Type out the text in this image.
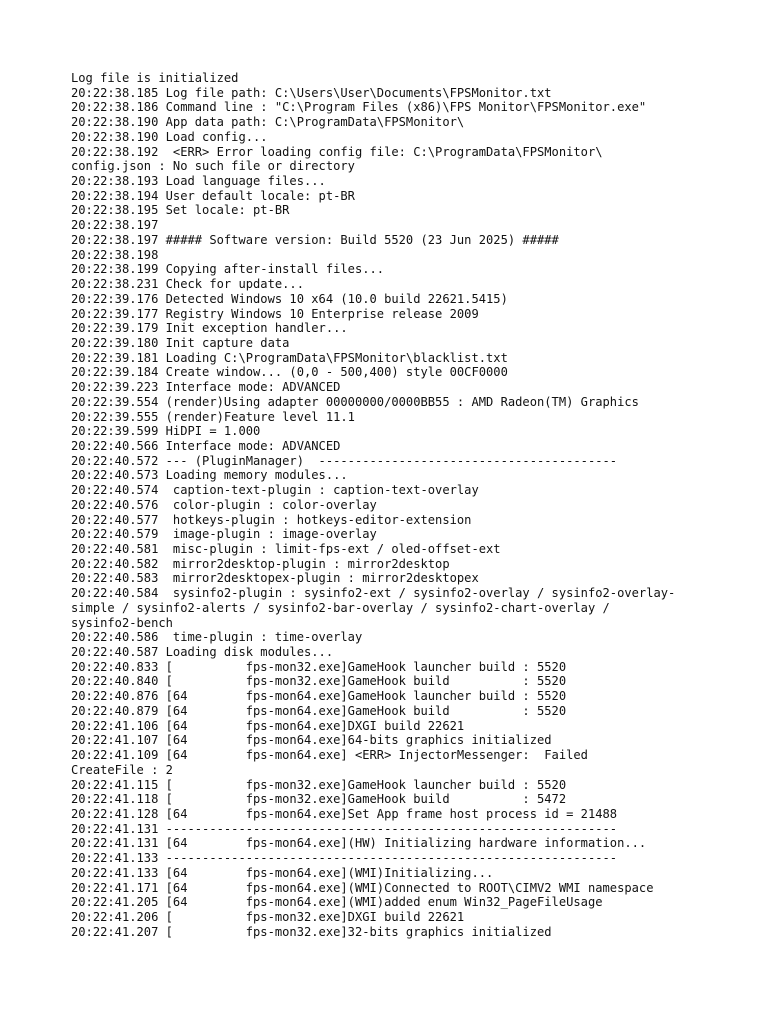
Log file is initialized
20:22:38.185 Log file path: C:\Users\User\Documents\FPSMonitor.txt
20:22:38.186 Command line : "C:\Program Files (x86)\FPS Monitor\FPSMonitor.exe"
20:22:38.190 App data path: C:\ProgramData\FPSMonitor\
20:22:38.190 Load config...
20:22:38.192  <ERR> Error loading config file: C:\ProgramData\FPSMonitor\
config.json : No such file or directory
20:22:38.193 Load language files...
20:22:38.194 User default locale: pt-BR
20:22:38.195 Set locale: pt-BR
20:22:38.197
20:22:38.197 ##### Software version: Build 5520 (23 Jun 2025) #####
20:22:38.198
20:22:38.199 Copying after-install files...
20:22:38.231 Check for update...
20:22:39.176 Detected Windows 10 x64 (10.0 build 22621.5415)
20:22:39.177 Registry Windows 10 Enterprise release 2009
20:22:39.179 Init exception handler...
20:22:39.180 Init capture data
20:22:39.181 Loading C:\ProgramData\FPSMonitor\blacklist.txt
20:22:39.184 Create window... (0,0 - 500,400) style 00CF0000
20:22:39.223 Interface mode: ADVANCED
20:22:39.554 (render)Using adapter 00000000/0000BB55 : AMD Radeon(TM) Graphics
20:22:39.555 (render)Feature level 11.1
20:22:39.599 HiDPI = 1.000
20:22:40.566 Interface mode: ADVANCED
20:22:40.572 --- (PluginManager)  -----------------------------------------
20:22:40.573 Loading memory modules...
20:22:40.574  caption-text-plugin : caption-text-overlay
20:22:40.576  color-plugin : color-overlay
20:22:40.577  hotkeys-plugin : hotkeys-editor-extension
20:22:40.579  image-plugin : image-overlay
20:22:40.581  misc-plugin : limit-fps-ext / oled-offset-ext
20:22:40.582  mirror2desktop-plugin : mirror2desktop
20:22:40.583  mirror2desktopex-plugin : mirror2desktopex
20:22:40.584  sysinfo2-plugin : sysinfo2-ext / sysinfo2-overlay / sysinfo2-overlay-
simple / sysinfo2-alerts / sysinfo2-bar-overlay / sysinfo2-chart-overlay /
sysinfo2-bench
20:22:40.586  time-plugin : time-overlay
20:22:40.587 Loading disk modules...
20:22:40.833 [          fps-mon32.exe]GameHook launcher build : 5520
20:22:40.840 [          fps-mon32.exe]GameHook build          : 5520
20:22:40.876 [64        fps-mon64.exe]GameHook launcher build : 5520
20:22:40.879 [64        fps-mon64.exe]GameHook build          : 5520
20:22:41.106 [64        fps-mon64.exe]DXGI build 22621
20:22:41.107 [64        fps-mon64.exe]64-bits graphics initialized
20:22:41.109 [64        fps-mon64.exe] <ERR> InjectorMessenger:  Failed
CreateFile : 2
20:22:41.115 [          fps-mon32.exe]GameHook launcher build : 5520
20:22:41.118 [          fps-mon32.exe]GameHook build          : 5472
20:22:41.128 [64        fps-mon64.exe]Set App frame host process id = 21488
20:22:41.131 --------------------------------------------------------------
20:22:41.131 [64        fps-mon64.exe](HW) Initializing hardware information...
20:22:41.133 --------------------------------------------------------------
20:22:41.133 [64        fps-mon64.exe](WMI)Initializing...
20:22:41.171 [64        fps-mon64.exe](WMI)Connected to ROOT\CIMV2 WMI namespace
20:22:41.205 [64        fps-mon64.exe](WMI)added enum Win32_PageFileUsage
20:22:41.206 [          fps-mon32.exe]DXGI build 22621
20:22:41.207 [          fps-mon32.exe]32-bits graphics initialized
